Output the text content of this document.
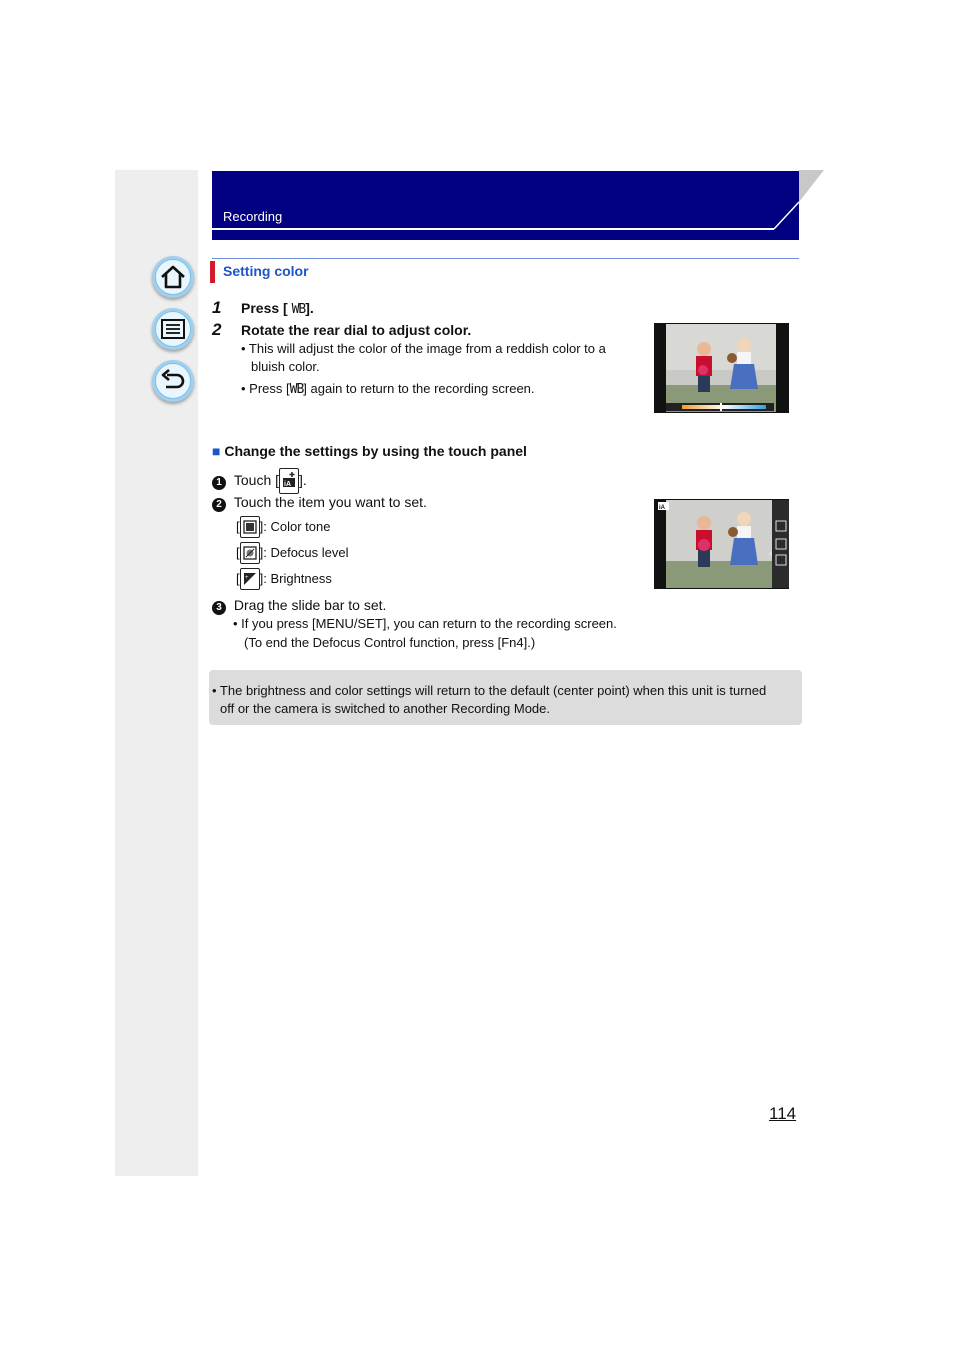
Recording
Setting color
1 Press [ WB].
2 Rotate the rear dial to adjust color.
• This will adjust the color of the image from a reddish color to a
bluish color.
• Press [WB] again to return to the recording screen.
■ Change the settings by using the touch panel
1 Touch [ iA ].
2 Touch the item you want to set.
[ ]: Color tone
[ ]: Defocus level
[ + ]: Brightness
iA
3 Drag the slide bar to set.
• If you press [MENU/SET], you can return to the recording screen.
(To end the Defocus Control function, press [Fn4].)
• The brightness and color settings will return to the default (center point) when this unit is turned
off or the camera is switched to another Recording Mode.
114
